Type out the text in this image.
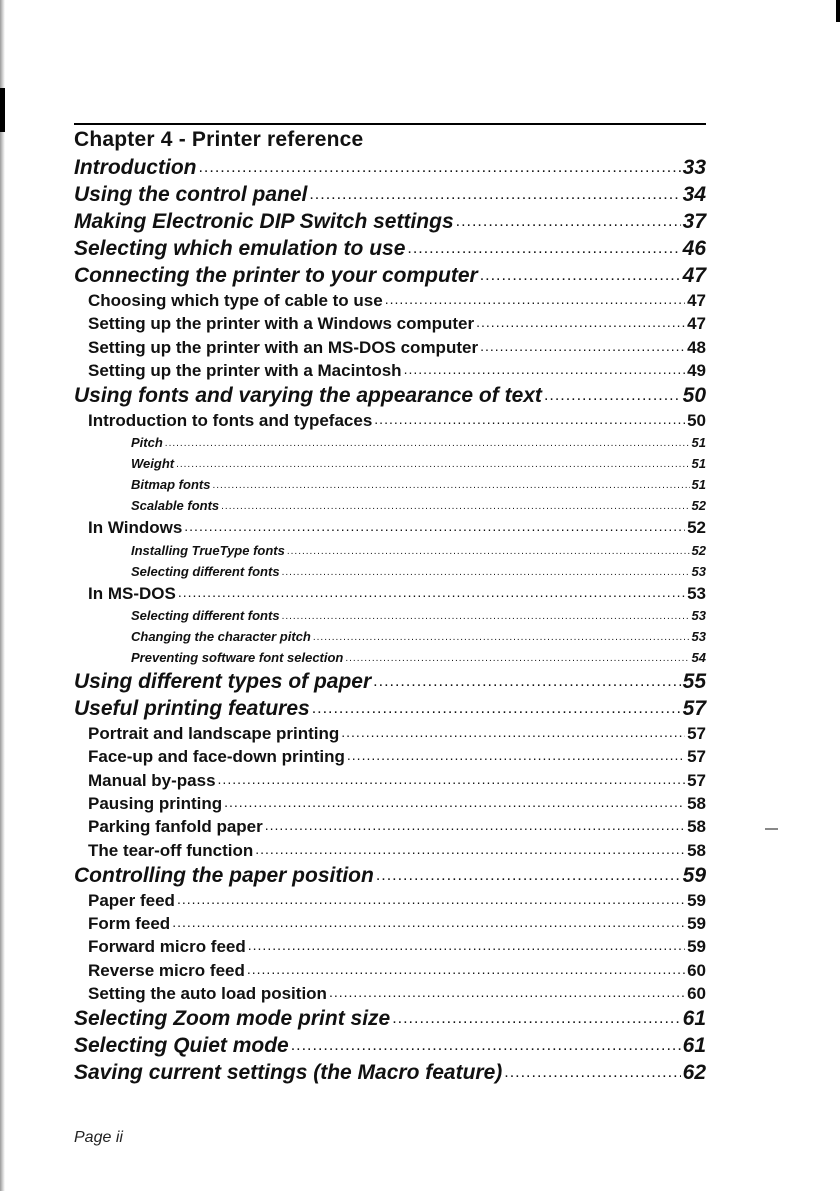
Chapter 4 - Printer reference
Introduction .....	33
Using the control panel .....	34
Making Electronic DIP Switch settings .....	37
Selecting which emulation to use .....	46
Connecting the printer to your computer .....	47
Choosing which type of cable to use .....	47
Setting up the printer with a Windows computer .....	47
Setting up the printer with an MS-DOS computer .....	48
Setting up the printer with a Macintosh .....	49
Using fonts and varying the appearance of text .....	50
Introduction to fonts and typefaces .....	50
Pitch .....	51
Weight .....	51
Bitmap fonts .....	51
Scalable fonts .....	52
In Windows .....	52
Installing TrueType fonts .....	52
Selecting different fonts .....	53
In MS-DOS .....	53
Selecting different fonts .....	53
Changing the character pitch .....	53
Preventing software font selection .....	54
Using different types of paper .....	55
Useful printing features .....	57
Portrait and landscape printing .....	57
Face-up and face-down printing .....	57
Manual by-pass .....	57
Pausing printing .....	58
Parking fanfold paper .....	58
The tear-off function .....	58
Controlling the paper position .....	59
Paper feed .....	59
Form feed .....	59
Forward micro feed .....	59
Reverse micro feed .....	60
Setting the auto load position .....	60
Selecting Zoom mode print size .....	61
Selecting Quiet mode .....	61
Saving current settings (the Macro feature) .....	62
Page ii
